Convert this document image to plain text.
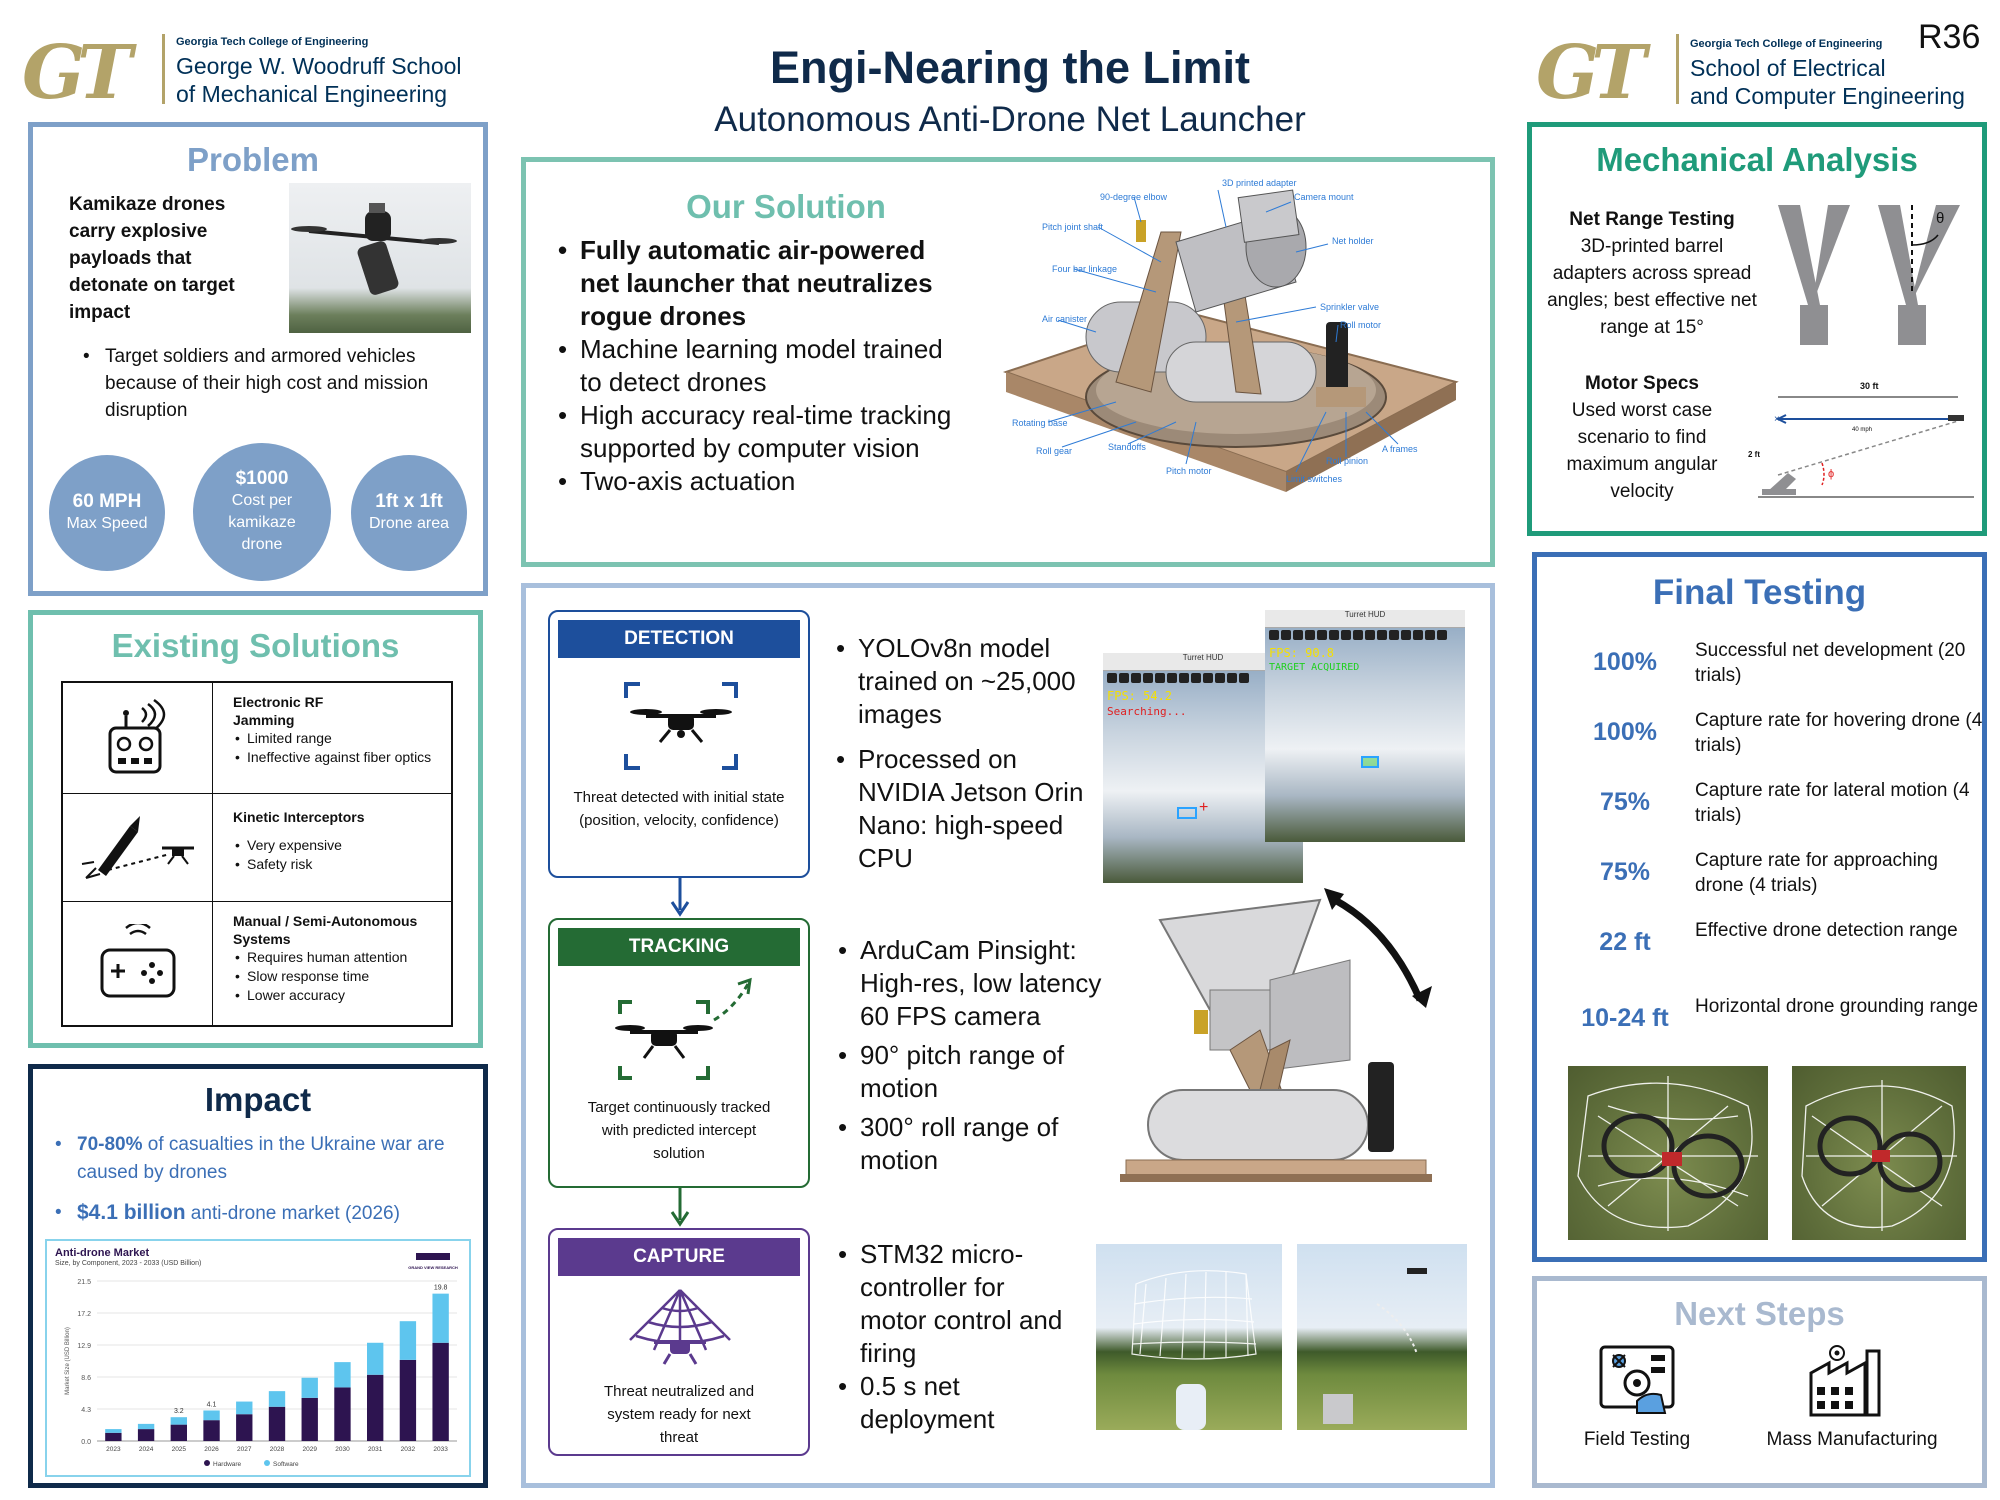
GT	Georgia Tech College of Engineering
George W. Woodruff School
of Mechanical Engineering
Engi-Nearing the Limit
Autonomous Anti-Drone Net Launcher
GT	Georgia Tech College of Engineering
School of Electrical
and Computer Engineering
R36
Problem
Kamikaze drones carry explosive payloads that detonate on target impact
• Target soldiers and armored vehicles because of their high cost and mission disruption
60 MPH
Max Speed
$1000
Cost per kamikaze drone
1ft x 1ft
Drone area
Existing Solutions
Electronic RF Jamming
• Limited range
• Ineffective against fiber optics
Kinetic Interceptors
• Very expensive
• Safety risk
Manual / Semi-Autonomous Systems
• Requires human attention
• Slow response time
• Lower accuracy
Impact
• 70-80% of casualties in the Ukraine war are caused by drones
• $4.1 billion anti-drone market (2026)
Anti-drone Market
Size, by Component, 2023 - 2033 (USD Billion)
GRAND VIEW RESEARCH
0.0
4.3
8.6
12.9
17.2
21.5
Market Size (USD Billion)
2023	2024	2025
3.2
2026
4.1
2027	2028	2029	2030	2031	2032	2033
19.8
Hardware	Software
Our Solution
• Fully automatic air-powered net launcher that neutralizes rogue drones
• Machine learning model trained to detect drones
• High accuracy real-time tracking supported by computer vision
• Two-axis actuation
3D printed adapter
90-degree elbow	Camera mount
Pitch joint shaft
Net holder
Four bar linkage
Sprinkler valve
Air canister
Roll motor
Rotating base
Roll gear	Standoffs
Pitch motor
Limit switches
Roll pinion
A frames
DETECTION
Threat detected with initial state (position, velocity, confidence)
TRACKING
Target continuously tracked with predicted intercept solution
CAPTURE
Threat neutralized and system ready for next threat
• YOLOv8n model trained on ~25,000 images
• Processed on NVIDIA Jetson Orin Nano: high-speed CPU
Turret HUD
FPS: 54.2
Searching...
+
Turret HUD
FPS: 90.8
TARGET ACQUIRED
• ArduCam Pinsight: High-res, low latency 60 FPS camera
• 90° pitch range of motion
• 300° roll range of motion
• STM32 micro-controller for motor control and firing
• 0.5 s net deployment
Mechanical Analysis
Net Range Testing
3D-printed barrel adapters across spread angles; best effective net range at 15°
θ
Motor Specs
Used worst case scenario to find maximum angular velocity
30 ft
×
40 mph
2 ft
ϕ
Final Testing
100%	Successful net development (20 trials)
100%	Capture rate for hovering drone (4 trials)
75%	Capture rate for lateral motion (4 trials)
75%	Capture rate for approaching drone (4 trials)
22 ft	Effective drone detection range
10-24 ft	Horizontal drone grounding range
Next Steps
Field Testing	Mass Manufacturing
